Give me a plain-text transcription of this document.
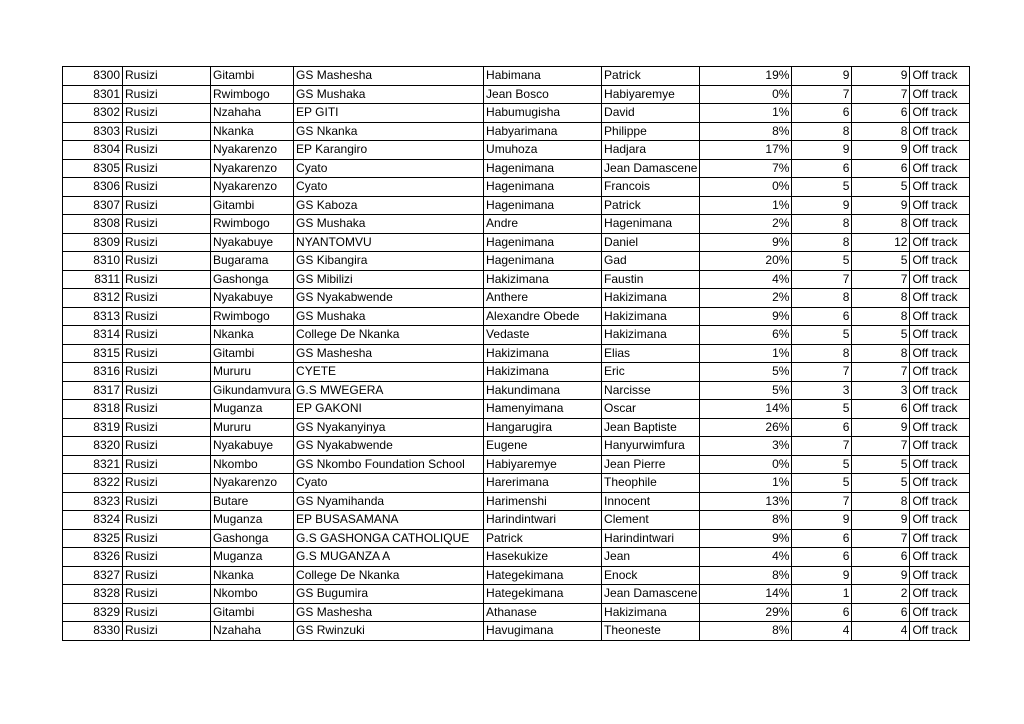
8300	Rusizi	Gitambi	GS Mashesha	Habimana	Patrick	19%	9	9	Off track
8301	Rusizi	Rwimbogo	GS Mushaka	Jean Bosco	Habiyaremye	0%	7	7	Off track
8302	Rusizi	Nzahaha	EP GITI	Habumugisha	David	1%	6	6	Off track
8303	Rusizi	Nkanka	GS Nkanka	Habyarimana	Philippe	8%	8	8	Off track
8304	Rusizi	Nyakarenzo	EP Karangiro	Umuhoza	Hadjara	17%	9	9	Off track
8305	Rusizi	Nyakarenzo	Cyato	Hagenimana	Jean Damascene	7%	6	6	Off track
8306	Rusizi	Nyakarenzo	Cyato	Hagenimana	Francois	0%	5	5	Off track
8307	Rusizi	Gitambi	GS Kaboza	Hagenimana	Patrick	1%	9	9	Off track
8308	Rusizi	Rwimbogo	GS Mushaka	Andre	Hagenimana	2%	8	8	Off track
8309	Rusizi	Nyakabuye	NYANTOMVU	Hagenimana	Daniel	9%	8	12	Off track
8310	Rusizi	Bugarama	GS Kibangira	Hagenimana	Gad	20%	5	5	Off track
8311	Rusizi	Gashonga	GS Mibilizi	Hakizimana	Faustin	4%	7	7	Off track
8312	Rusizi	Nyakabuye	GS Nyakabwende	Anthere	Hakizimana	2%	8	8	Off track
8313	Rusizi	Rwimbogo	GS Mushaka	Alexandre Obede	Hakizimana	9%	6	8	Off track
8314	Rusizi	Nkanka	College De Nkanka	Vedaste	Hakizimana	6%	5	5	Off track
8315	Rusizi	Gitambi	GS Mashesha	Hakizimana	Elias	1%	8	8	Off track
8316	Rusizi	Mururu	CYETE	Hakizimana	Eric	5%	7	7	Off track
8317	Rusizi	Gikundamvura	G.S MWEGERA	Hakundimana	Narcisse	5%	3	3	Off track
8318	Rusizi	Muganza	EP GAKONI	Hamenyimana	Oscar	14%	5	6	Off track
8319	Rusizi	Mururu	GS Nyakanyinya	Hangarugira	Jean Baptiste	26%	6	9	Off track
8320	Rusizi	Nyakabuye	GS Nyakabwende	Eugene	Hanyurwimfura	3%	7	7	Off track
8321	Rusizi	Nkombo	GS Nkombo Foundation School	Habiyaremye	Jean Pierre	0%	5	5	Off track
8322	Rusizi	Nyakarenzo	Cyato	Harerimana	Theophile	1%	5	5	Off track
8323	Rusizi	Butare	GS Nyamihanda	Harimenshi	Innocent	13%	7	8	Off track
8324	Rusizi	Muganza	EP BUSASAMANA	Harindintwari	Clement	8%	9	9	Off track
8325	Rusizi	Gashonga	G.S GASHONGA CATHOLIQUE	Patrick	Harindintwari	9%	6	7	Off track
8326	Rusizi	Muganza	G.S MUGANZA A	Hasekukize	Jean	4%	6	6	Off track
8327	Rusizi	Nkanka	College De Nkanka	Hategekimana	Enock	8%	9	9	Off track
8328	Rusizi	Nkombo	GS Bugumira	Hategekimana	Jean Damascene	14%	1	2	Off track
8329	Rusizi	Gitambi	GS Mashesha	Athanase	Hakizimana	29%	6	6	Off track
8330	Rusizi	Nzahaha	GS Rwinzuki	Havugimana	Theoneste	8%	4	4	Off track
